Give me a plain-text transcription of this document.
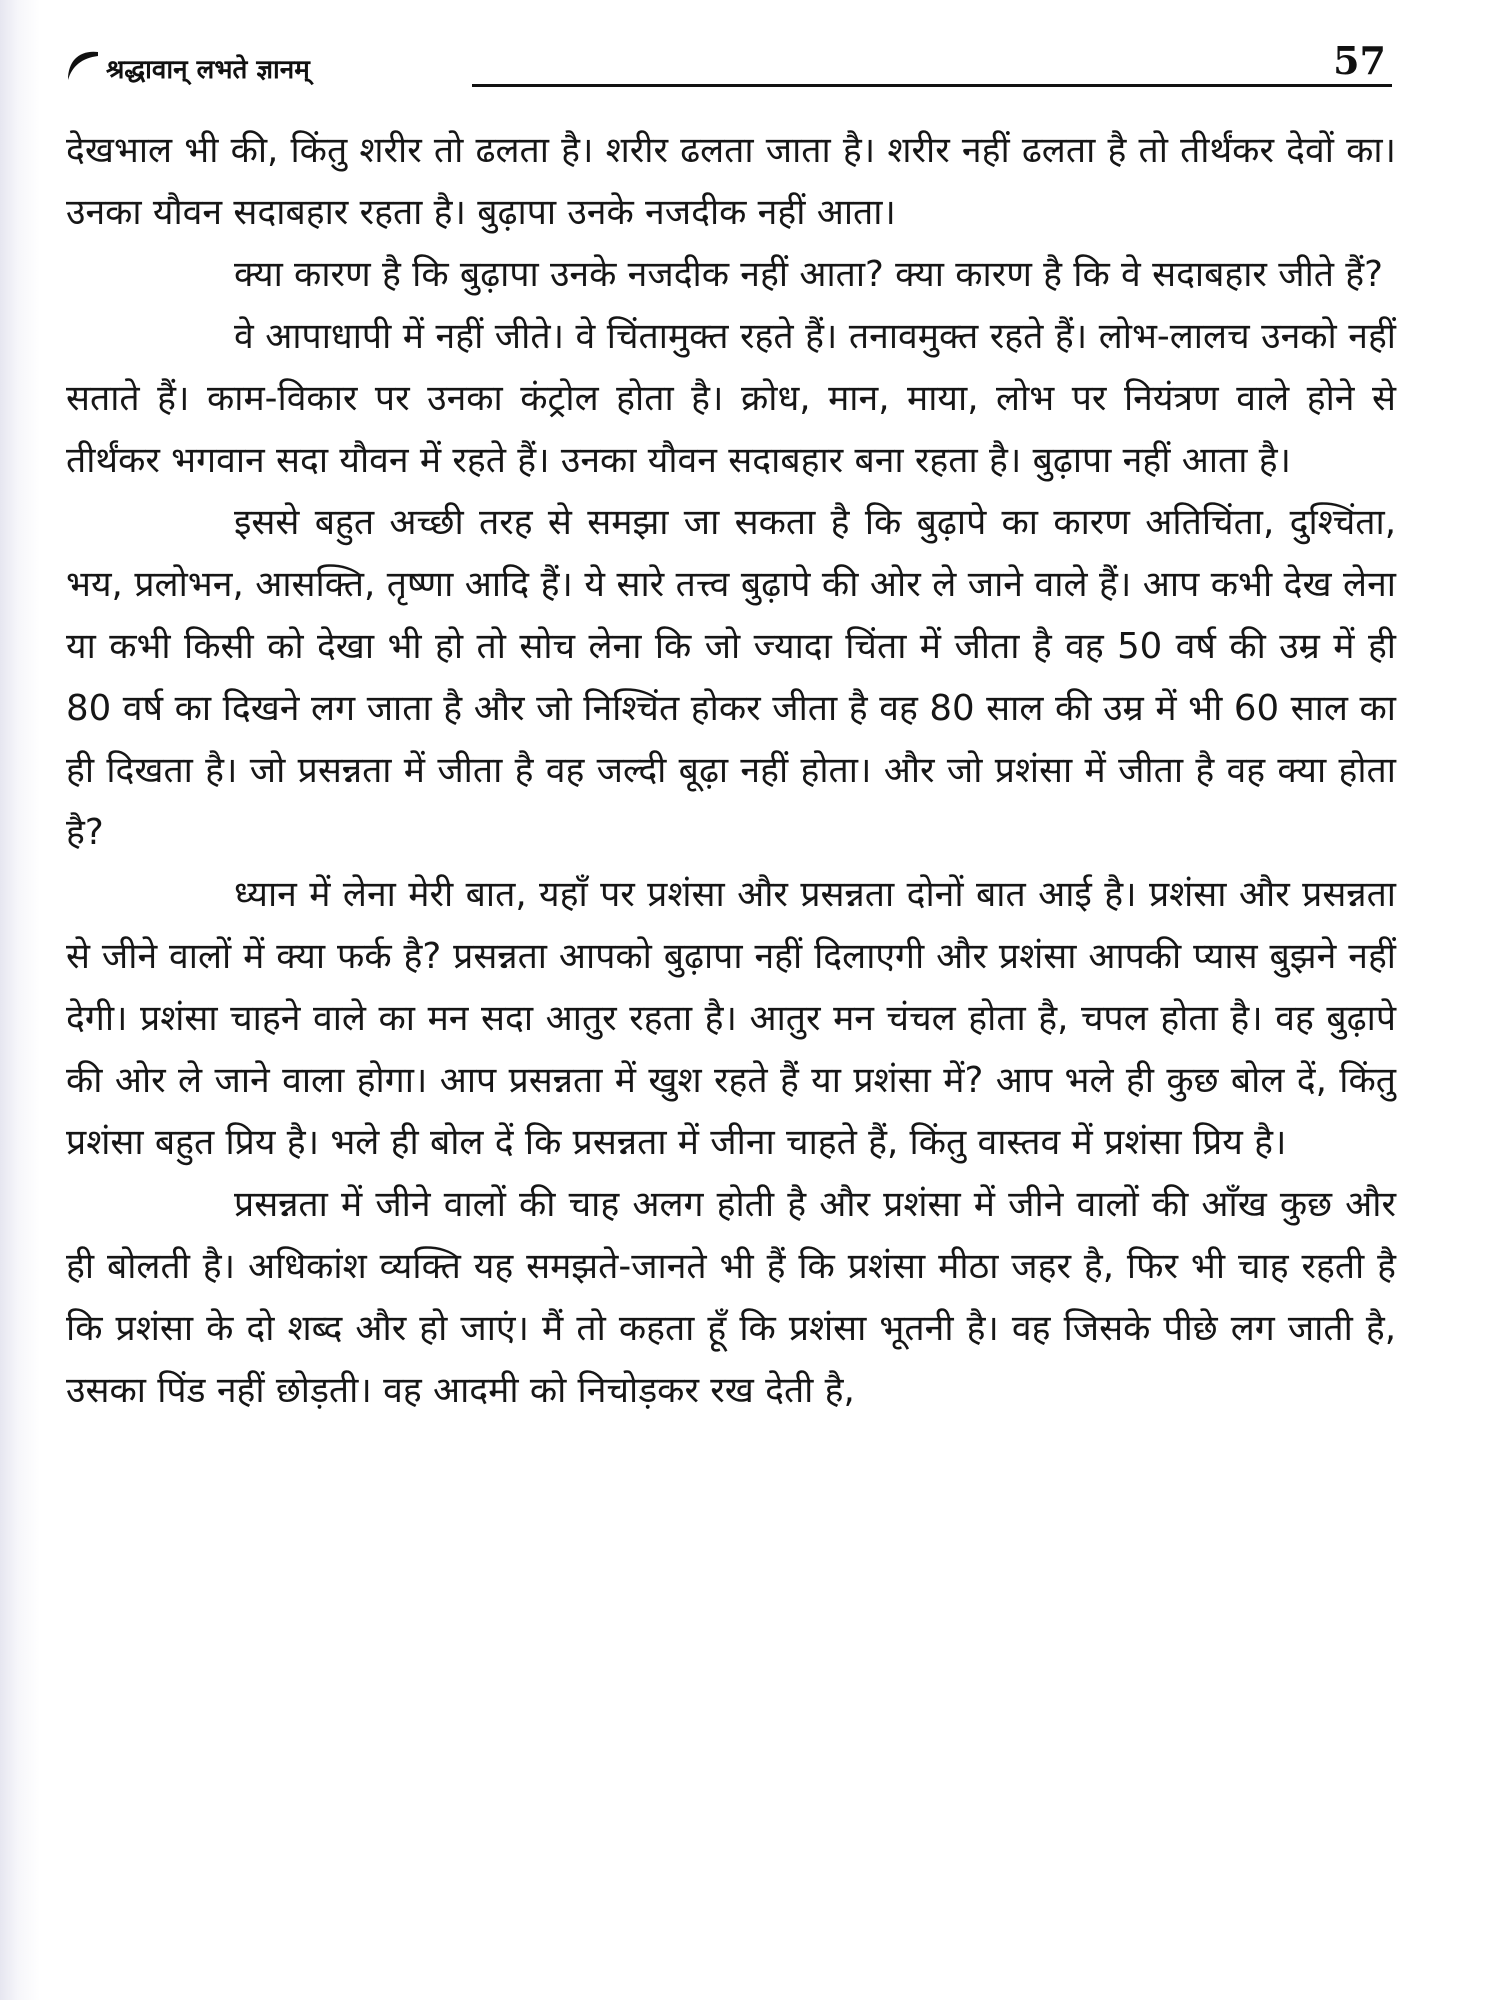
श्रद्धावान् लभते ज्ञानम्	57

देखभाल भी की, किंतु शरीर तो ढलता है। शरीर ढलता जाता है। शरीर नहीं ढलता है तो तीर्थंकर देवों का। उनका यौवन सदाबहार रहता है। बुढ़ापा उनके नजदीक नहीं आता।

क्या कारण है कि बुढ़ापा उनके नजदीक नहीं आता? क्या कारण है कि वे सदाबहार जीते हैं?

वे आपाधापी में नहीं जीते। वे चिंतामुक्त रहते हैं। तनावमुक्त रहते हैं। लोभ-लालच उनको नहीं सताते हैं। काम-विकार पर उनका कंट्रोल होता है। क्रोध, मान, माया, लोभ पर नियंत्रण वाले होने से तीर्थंकर भगवान सदा यौवन में रहते हैं। उनका यौवन सदाबहार बना रहता है। बुढ़ापा नहीं आता है।

इससे बहुत अच्छी तरह से समझा जा सकता है कि बुढ़ापे का कारण अतिचिंता, दुश्चिंता, भय, प्रलोभन, आसक्ति, तृष्णा आदि हैं। ये सारे तत्त्व बुढ़ापे की ओर ले जाने वाले हैं। आप कभी देख लेना या कभी किसी को देखा भी हो तो सोच लेना कि जो ज्यादा चिंता में जीता है वह 50 वर्ष की उम्र में ही 80 वर्ष का दिखने लग जाता है और जो निश्चिंत होकर जीता है वह 80 साल की उम्र में भी 60 साल का ही दिखता है। जो प्रसन्नता में जीता है वह जल्दी बूढ़ा नहीं होता। और जो प्रशंसा में जीता है वह क्या होता है?

ध्यान में लेना मेरी बात, यहाँ पर प्रशंसा और प्रसन्नता दोनों बात आई है। प्रशंसा और प्रसन्नता से जीने वालों में क्या फर्क है? प्रसन्नता आपको बुढ़ापा नहीं दिलाएगी और प्रशंसा आपकी प्यास बुझने नहीं देगी। प्रशंसा चाहने वाले का मन सदा आतुर रहता है। आतुर मन चंचल होता है, चपल होता है। वह बुढ़ापे की ओर ले जाने वाला होगा। आप प्रसन्नता में खुश रहते हैं या प्रशंसा में? आप भले ही कुछ बोल दें, किंतु प्रशंसा बहुत प्रिय है। भले ही बोल दें कि प्रसन्नता में जीना चाहते हैं, किंतु वास्तव में प्रशंसा प्रिय है।

प्रसन्नता में जीने वालों की चाह अलग होती है और प्रशंसा में जीने वालों की आँख कुछ और ही बोलती है। अधिकांश व्यक्ति यह समझते-जानते भी हैं कि प्रशंसा मीठा जहर है, फिर भी चाह रहती है कि प्रशंसा के दो शब्द और हो जाएं। मैं तो कहता हूँ कि प्रशंसा भूतनी है। वह जिसके पीछे लग जाती है, उसका पिंड नहीं छोड़ती। वह आदमी को निचोड़कर रख देती है,
